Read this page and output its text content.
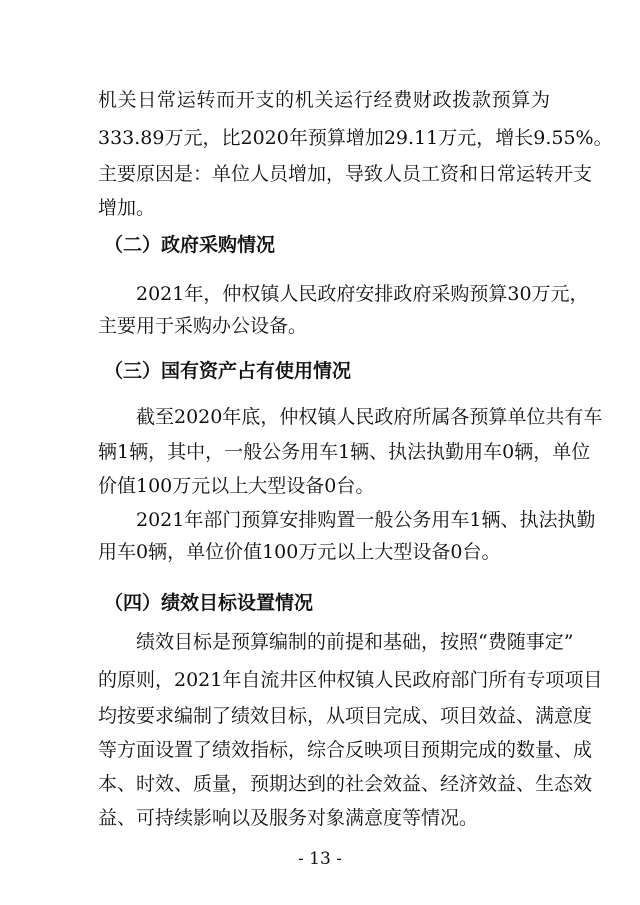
机关日常运转而开支的机关运行经费财政拨款预算为
333.89万元，比2020年预算增加29.11万元，增长9.55%。
主要原因是：单位人员增加，导致人员工资和日常运转开支
增加。
（二）政府采购情况
2021年，仲权镇人民政府安排政府采购预算30万元，
主要用于采购办公设备。
（三）国有资产占有使用情况
截至2020年底，仲权镇人民政府所属各预算单位共有车
辆1辆，其中，一般公务用车1辆、执法执勤用车0辆，单位
价值100万元以上大型设备0台。
2021年部门预算安排购置一般公务用车1辆、执法执勤
用车0辆，单位价值100万元以上大型设备0台。
（四）绩效目标设置情况
绩效目标是预算编制的前提和基础，按照“费随事定”
的原则，2021年自流井区仲权镇人民政府部门所有专项项目
均按要求编制了绩效目标，从项目完成、项目效益、满意度
等方面设置了绩效指标，综合反映项目预期完成的数量、成
本、时效、质量，预期达到的社会效益、经济效益、生态效
益、可持续影响以及服务对象满意度等情况。
- 13 -
